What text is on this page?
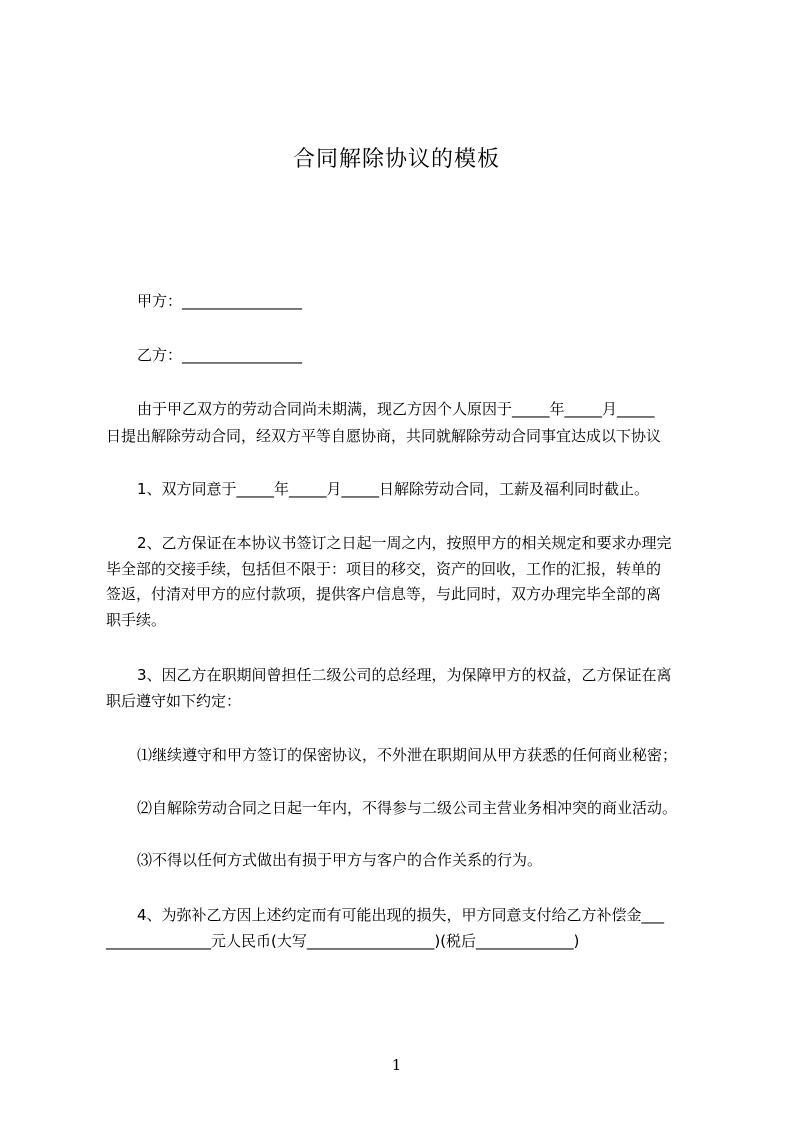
合同解除协议的模板
甲方：________________
乙方：________________
由于甲乙双方的劳动合同尚未期满，现乙方因个人原因于_____年_____月_____
日提出解除劳动合同，经双方平等自愿协商，共同就解除劳动合同事宜达成以下协议
1、双方同意于_____年_____月_____日解除劳动合同，工薪及福利同时截止。
2、乙方保证在本协议书签订之日起一周之内，按照甲方的相关规定和要求办理完
毕全部的交接手续，包括但不限于：项目的移交，资产的回收，工作的汇报，转单的
签返，付清对甲方的应付款项，提供客户信息等，与此同时，双方办理完毕全部的离
职手续。
3、因乙方在职期间曾担任二级公司的总经理，为保障甲方的权益，乙方保证在离
职后遵守如下约定：
⑴继续遵守和甲方签订的保密协议，不外泄在职期间从甲方获悉的任何商业秘密；
⑵自解除劳动合同之日起一年内，不得参与二级公司主营业务相冲突的商业活动。
⑶不得以任何方式做出有损于甲方与客户的合作关系的行为。
4、为弥补乙方因上述约定而有可能出现的损失，甲方同意支付给乙方补偿金___
______________元人民币(大写_________________)(税后_____________)
1
